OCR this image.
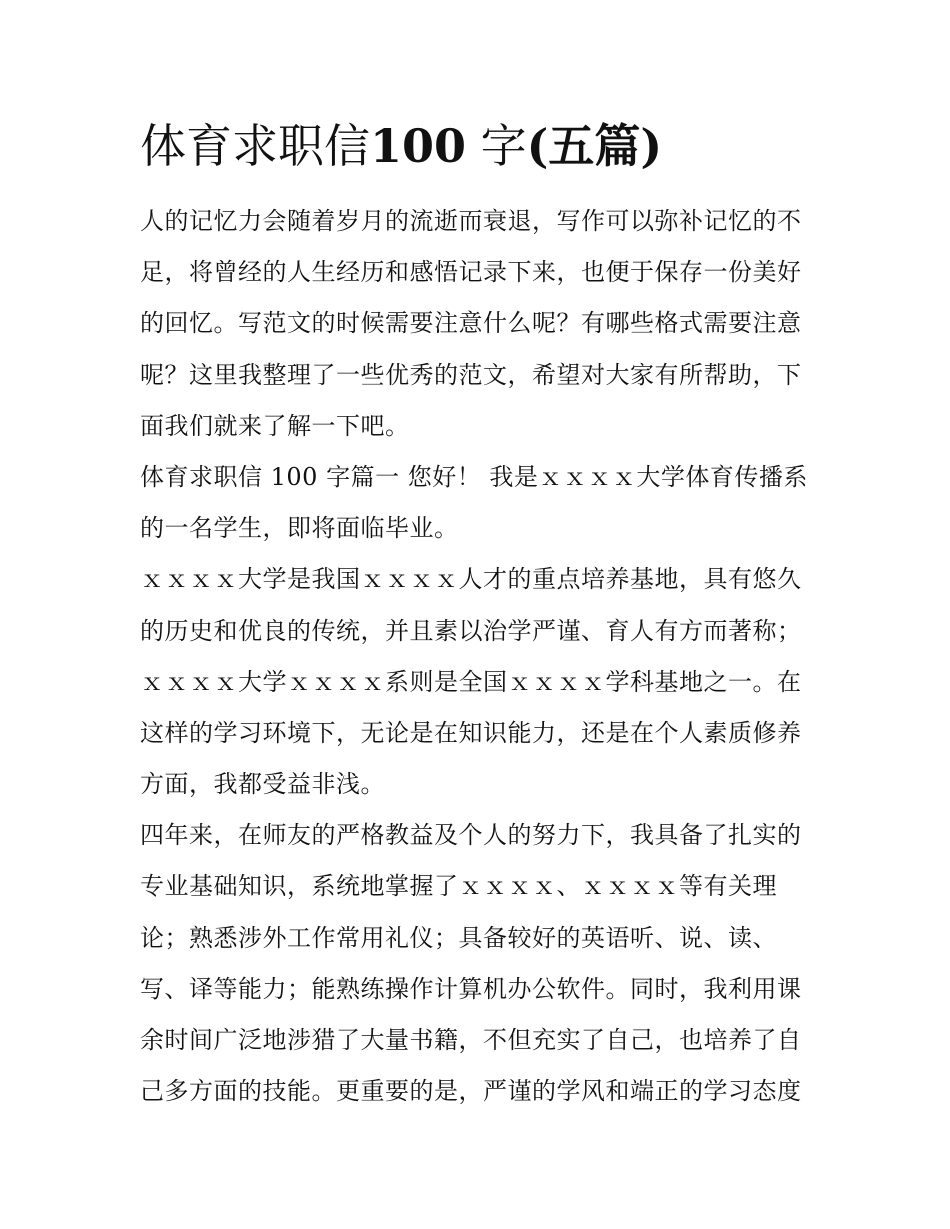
体育求职信100 字(五篇)
人的记忆力会随着岁月的流逝而衰退，写作可以弥补记忆的不
足，将曾经的人生经历和感悟记录下来，也便于保存一份美好
的回忆。写范文的时候需要注意什么呢？有哪些格式需要注意
呢？这里我整理了一些优秀的范文，希望对大家有所帮助，下
面我们就来了解一下吧。
体育求职信 100 字篇一 您好！ 我是ｘｘｘｘ大学体育传播系
的一名学生，即将面临毕业。
ｘｘｘｘ大学是我国ｘｘｘｘ人才的重点培养基地，具有悠久
的历史和优良的传统，并且素以治学严谨、育人有方而著称；
ｘｘｘｘ大学ｘｘｘｘ系则是全国ｘｘｘｘ学科基地之一。在
这样的学习环境下，无论是在知识能力，还是在个人素质修养
方面，我都受益非浅。
四年来，在师友的严格教益及个人的努力下，我具备了扎实的
专业基础知识，系统地掌握了ｘｘｘｘ、ｘｘｘｘ等有关理
论；熟悉涉外工作常用礼仪；具备较好的英语听、说、读、
写、译等能力；能熟练操作计算机办公软件。同时，我利用课
余时间广泛地涉猎了大量书籍，不但充实了自己，也培养了自
己多方面的技能。更重要的是，严谨的学风和端正的学习态度
